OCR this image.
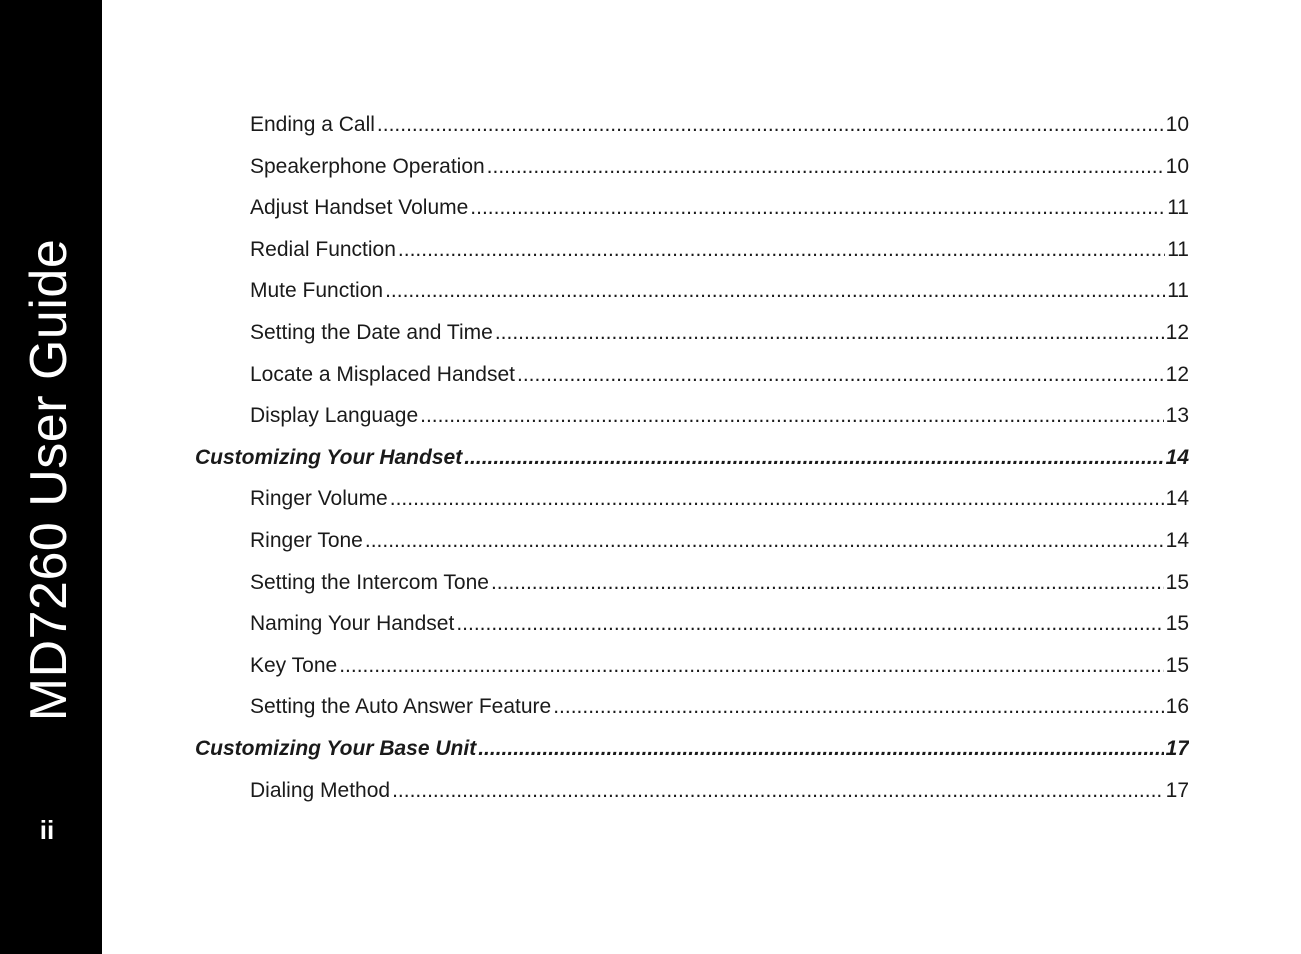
MD7260 User Guide
ii
Ending a Call .....	10
Speakerphone Operation .....	10
Adjust Handset Volume .....	11
Redial Function .....	11
Mute Function .....	11
Setting the Date and Time .....	12
Locate a Misplaced Handset .....	12
Display Language .....	13
Customizing Your Handset .....	14
Ringer Volume .....	14
Ringer Tone .....	14
Setting the Intercom Tone .....	15
Naming Your Handset .....	15
Key Tone .....	15
Setting the Auto Answer Feature .....	16
Customizing Your Base Unit .....	17
Dialing Method .....	17
